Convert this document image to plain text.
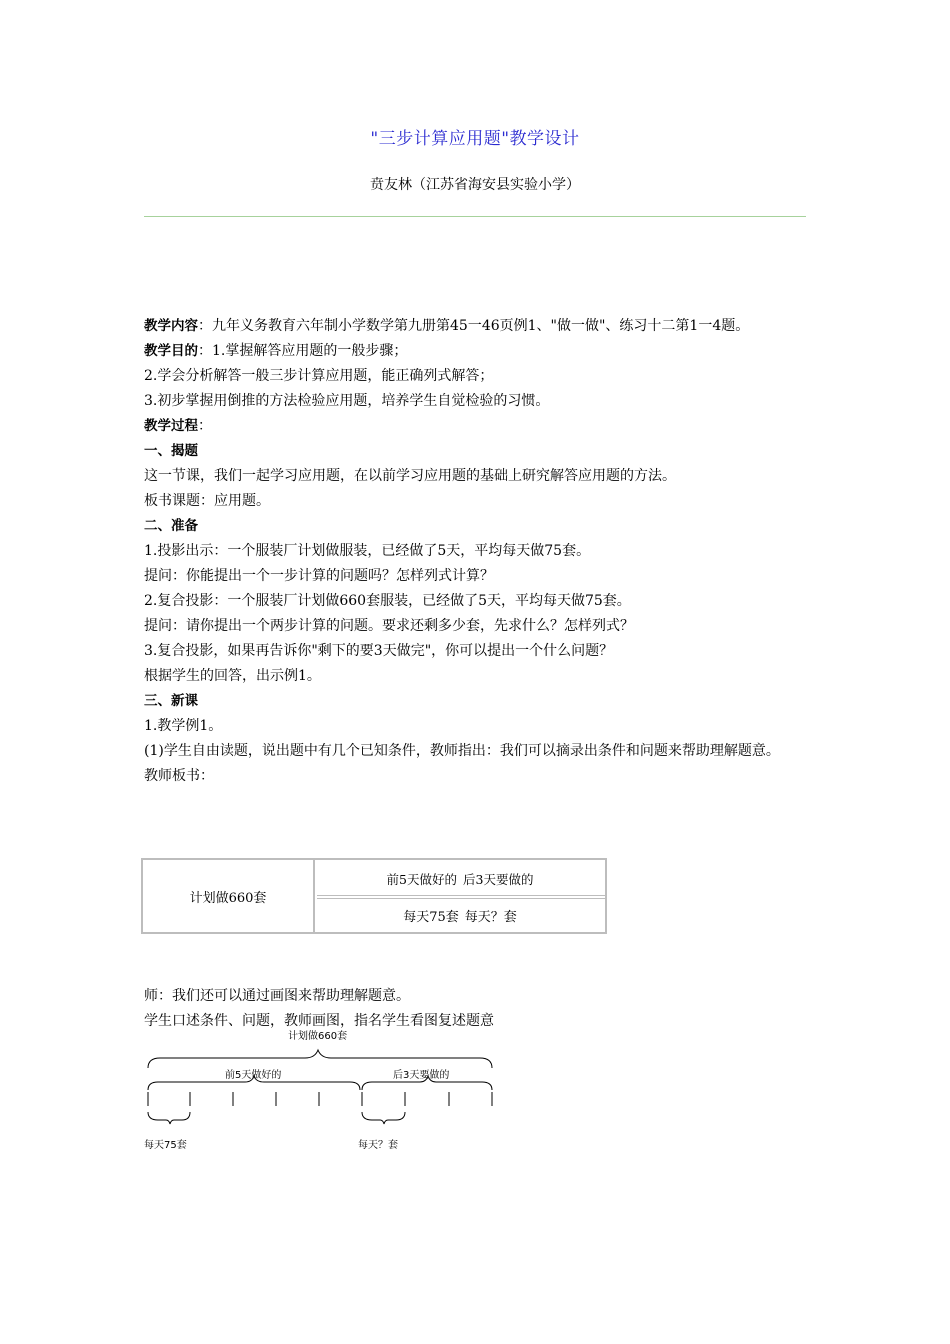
"三步计算应用题"教学设计
贲友林（江苏省海安县实验小学）

教学内容：九年义务教育六年制小学数学第九册第45一46页例1、"做一做"、练习十二第1一4题。

教学目的：1.掌握解答应用题的一般步骤；

2.学会分析解答一般三步计算应用题，能正确列式解答；

3.初步掌握用倒推的方法检验应用题，培养学生自觉检验的习惯。

教学过程：

一、揭题

这一节课，我们一起学习应用题，在以前学习应用题的基础上研究解答应用题的方法。

板书课题：应用题。

二、准备

1.投影出示：一个服装厂计划做服装，已经做了5天，平均每天做75套。

提问：你能提出一个一步计算的问题吗？怎样列式计算？

2.复合投影：一个服装厂计划做660套服装，已经做了5天，平均每天做75套。

提问：请你提出一个两步计算的问题。要求还剩多少套，先求什么？怎样列式？

3.复合投影，如果再告诉你"剩下的要3天做完"，你可以提出一个什么问题？

根据学生的回答，出示例1。

三、新课

1.教学例1。

(1)学生自由读题，说出题中有几个已知条件，教师指出：我们可以摘录出条件和问题来帮助理解题意。

教师板书：

计划做660套
前5天做好的 后3天要做的
每天75套 每天？套

师：我们还可以通过画图来帮助理解题意。

学生口述条件、问题，教师画图，指名学生看图复述题意

计划做660套
前5天做好的	后3天要做的
每天75套	每天？套
